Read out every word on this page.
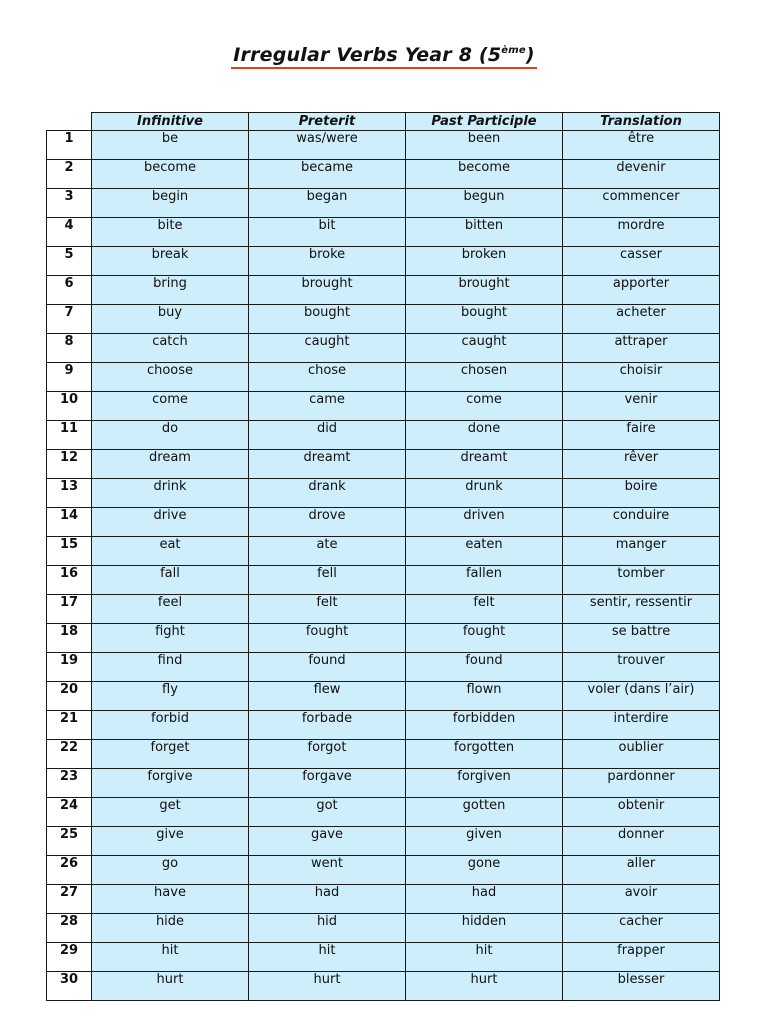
Irregular Verbs Year 8 (5ème)
	Infinitive	Preterit	Past Participle	Translation
1	be	was/were	been	être
2	become	became	become	devenir
3	begin	began	begun	commencer
4	bite	bit	bitten	mordre
5	break	broke	broken	casser
6	bring	brought	brought	apporter
7	buy	bought	bought	acheter
8	catch	caught	caught	attraper
9	choose	chose	chosen	choisir
10	come	came	come	venir
11	do	did	done	faire
12	dream	dreamt	dreamt	rêver
13	drink	drank	drunk	boire
14	drive	drove	driven	conduire
15	eat	ate	eaten	manger
16	fall	fell	fallen	tomber
17	feel	felt	felt	sentir, ressentir
18	fight	fought	fought	se battre
19	find	found	found	trouver
20	fly	flew	flown	voler (dans l’air)
21	forbid	forbade	forbidden	interdire
22	forget	forgot	forgotten	oublier
23	forgive	forgave	forgiven	pardonner
24	get	got	gotten	obtenir
25	give	gave	given	donner
26	go	went	gone	aller
27	have	had	had	avoir
28	hide	hid	hidden	cacher
29	hit	hit	hit	frapper
30	hurt	hurt	hurt	blesser
